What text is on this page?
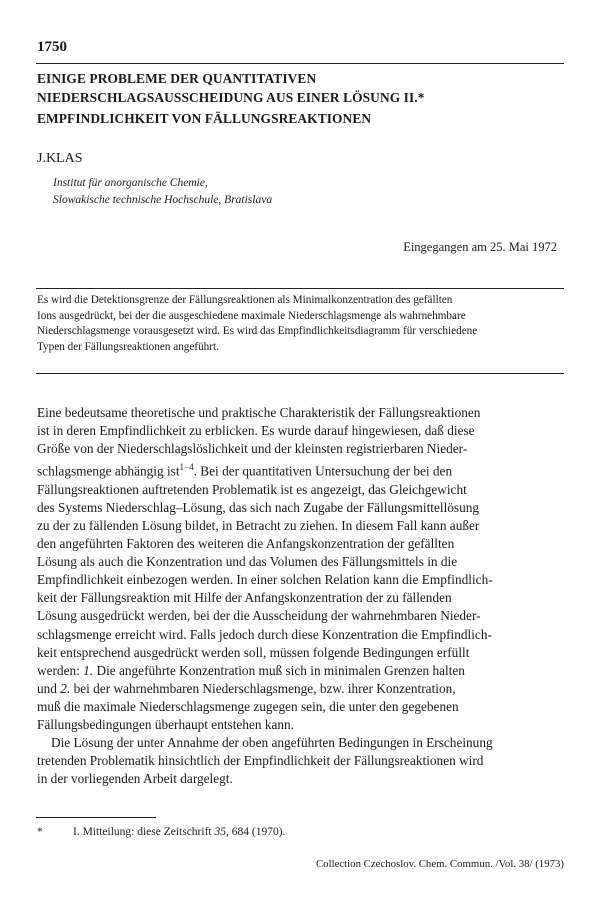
1750
EINIGE PROBLEME DER QUANTITATIVEN
NIEDERSCHLAGSAUSSCHEIDUNG AUS EINER LÖSUNG II.*
EMPFINDLICHKEIT VON FÄLLUNGSREAKTIONEN
J.KLAS
Institut für anorganische Chemie,
Slowakische technische Hochschule, Bratislava
Eingegangen am 25. Mai 1972
Es wird die Detektionsgrenze der Fällungsreaktionen als Minimalkonzentration des gefällten
Ions ausgedrückt, bei der die ausgeschiedene maximale Niederschlagsmenge als wahrnehmbare
Niederschlagsmenge vorausgesetzt wird. Es wird das Empfindlichkeitsdiagramm für verschiedene
Typen der Fällungsreaktionen angeführt.
Eine bedeutsame theoretische und praktische Charakteristik der Fällungsreaktionen
ist in deren Empfindlichkeit zu erblicken. Es wurde darauf hingewiesen, daß diese
Größe von der Niederschlagslöslichkeit und der kleinsten registrierbaren Nieder-
schlagsmenge abhängig ist$^{1-4}$. Bei der quantitativen Untersuchung der bei den
Fällungsreaktionen auftretenden Problematik ist es angezeigt, das Gleichgewicht
des Systems Niederschlag–Lösung, das sich nach Zugabe der Fällungsmittellösung
zu der zu fällenden Lösung bildet, in Betracht zu ziehen. In diesem Fall kann außer
den angeführten Faktoren des weiteren die Anfangskonzentration der gefällten
Lösung als auch die Konzentration und das Volumen des Fällungsmittels in die
Empfindlichkeit einbezogen werden. In einer solchen Relation kann die Empfindlich-
keit der Fällungsreaktion mit Hilfe der Anfangskonzentration der zu fällenden
Lösung ausgedrückt werden, bei der die Ausscheidung der wahrnehmbaren Nieder-
schlagsmenge erreicht wird. Falls jedoch durch diese Konzentration die Empfindlich-
keit entsprechend ausgedrückt werden soll, müssen folgende Bedingungen erfüllt
werden: 1. Die angeführte Konzentration muß sich in minimalen Grenzen halten
und 2. bei der wahrnehmbaren Niederschlagsmenge, bzw. ihrer Konzentration,
muß die maximale Niederschlagsmenge zugegen sein, die unter den gegebenen
Fällungsbedingungen überhaupt entstehen kann.
Die Lösung der unter Annahme der oben angeführten Bedingungen in Erscheinung
tretenden Problematik hinsichtlich der Empfindlichkeit der Fällungsreaktionen wird
in der vorliegenden Arbeit dargelegt.
*	I. Mitteilung: diese Zeitschrift 35, 684 (1970).
Collection Czechoslov. Chem. Commun. /Vol. 38/ (1973)
